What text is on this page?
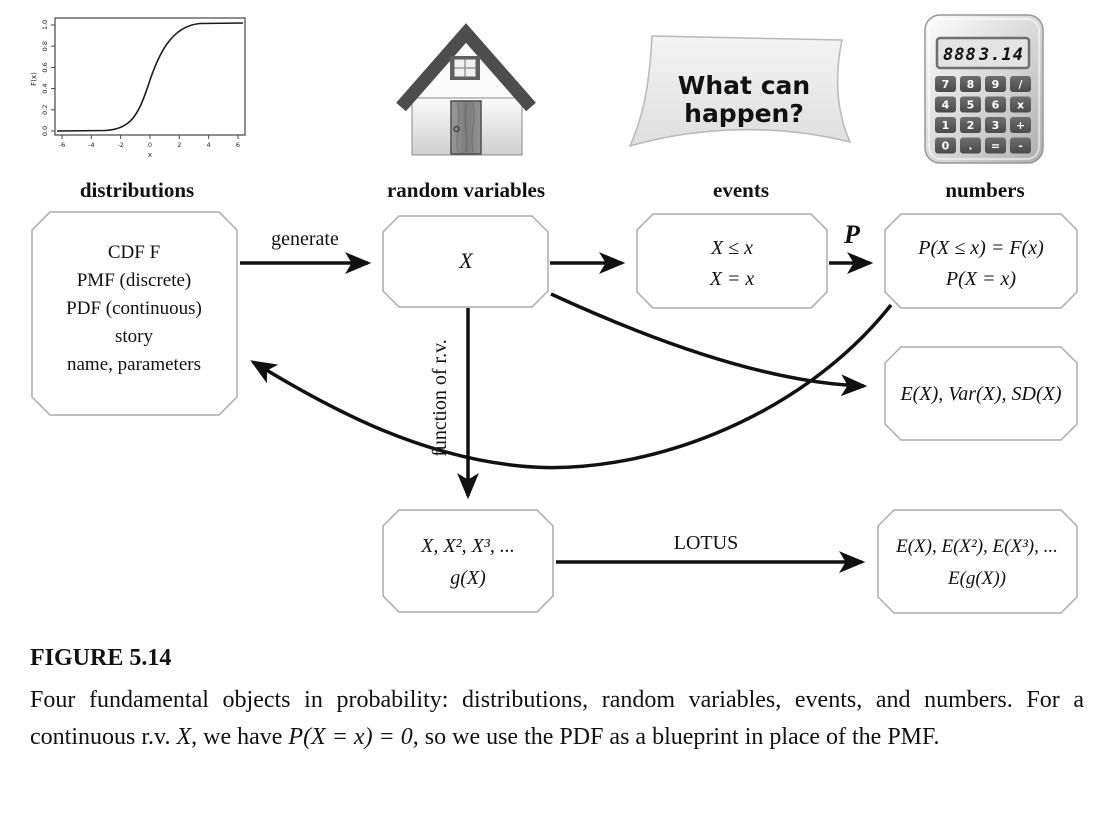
-6	-4	-2	0	2	4	6
0.0
0.2
0.4
0.6
0.8
1.0
x
F(x)	What can
happen?
888 3.14
7 8 9 /
4 5 6 x
1 2 3 +
0 . = -
distributions	random variables	events	numbers
CDF F
PMF (discrete)
PDF (continuous)
story
name, parameters
X	X ≤ x
X = x
P(X ≤ x) = F(x)
P(X = x)
E(X), Var(X), SD(X)
X, X², X³, ...
g(X)
E(X), E(X²), E(X³), ...
E(g(X))
generate	P
function of r.v.
LOTUS
FIGURE 5.14

Four fundamental objects in probability: distributions, random variables, events, and numbers. For a continuous r.v. X, we have P(X = x) = 0, so we use the PDF as a blueprint in place of the PMF.
